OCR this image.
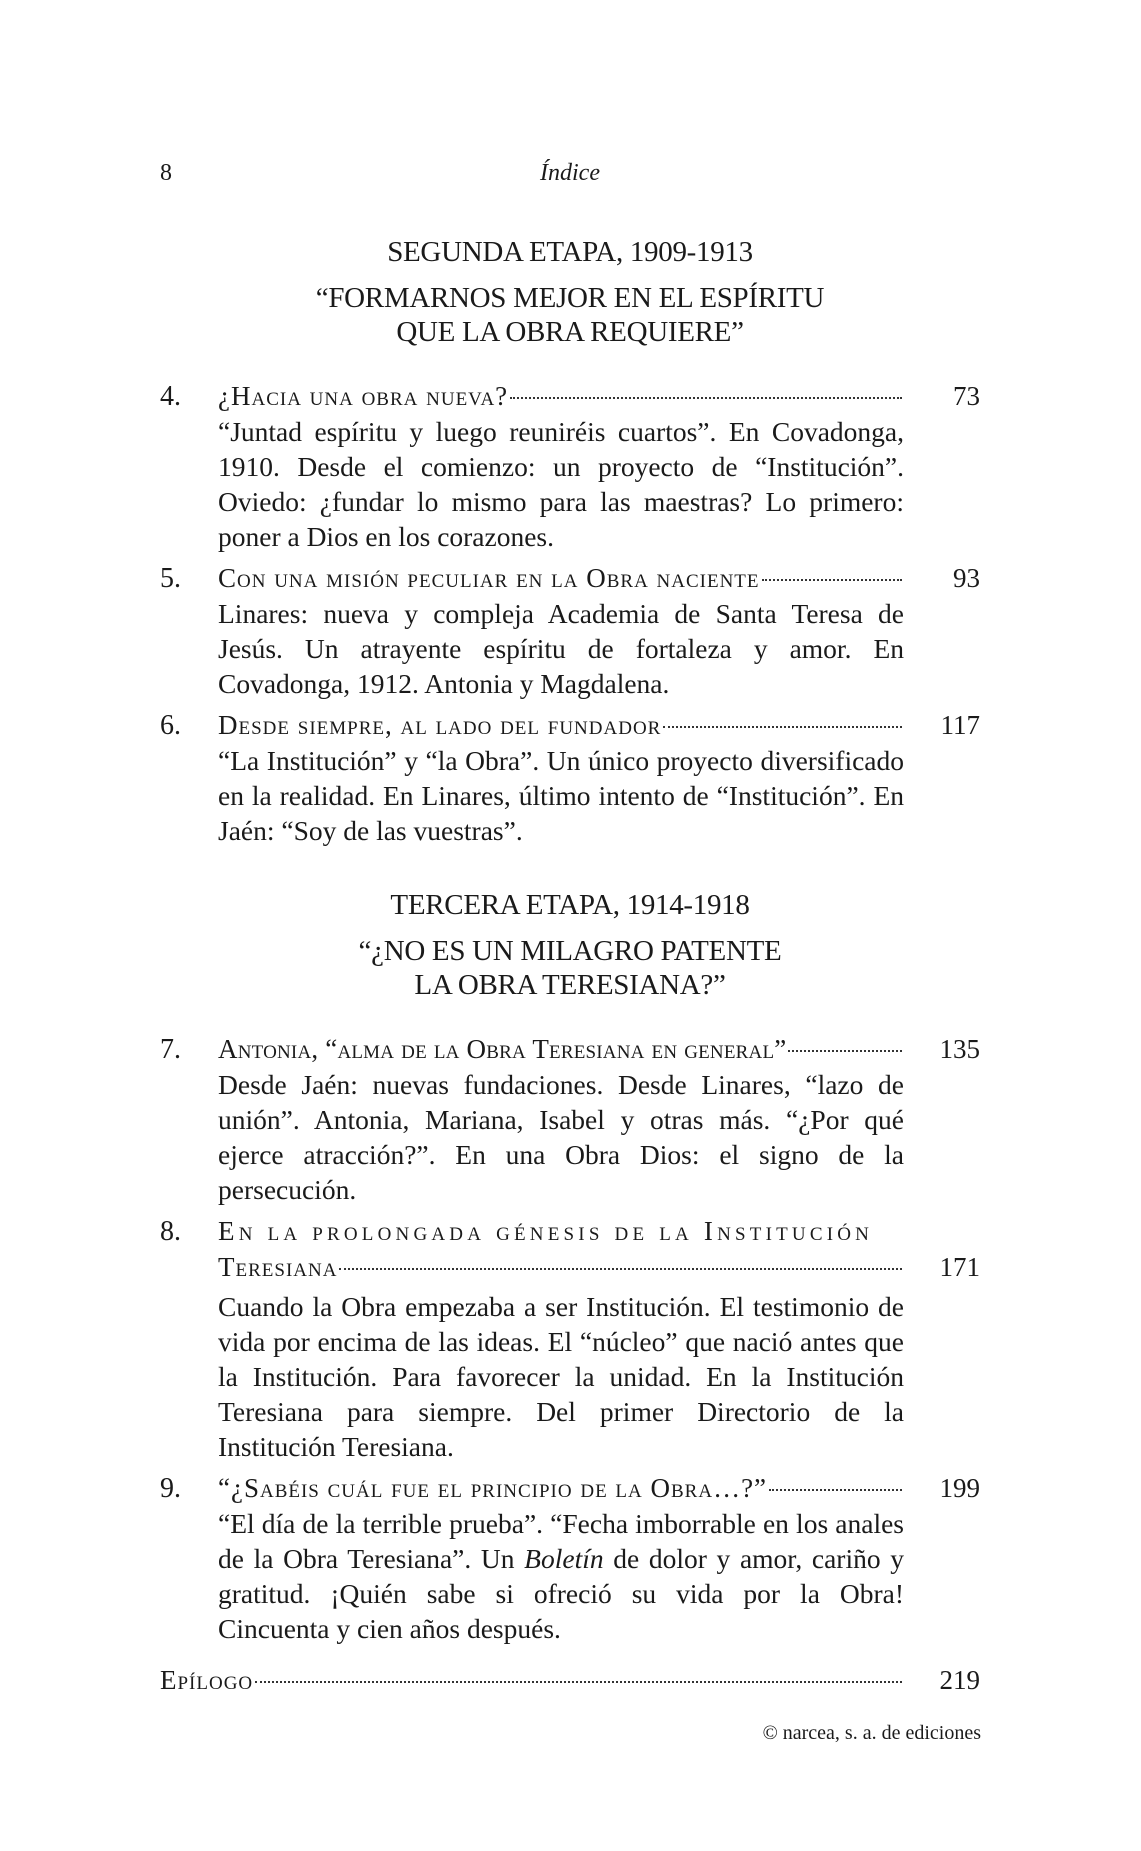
8	Índice
SEGUNDA ETAPA, 1909-1913
“FORMARNOS MEJOR EN EL ESPÍRITU
QUE LA OBRA REQUIERE”
4.	¿Hacia una obra nueva?	73
“Juntad espíritu y luego reuniréis cuartos”. En Covadonga, 1910. Desde el comienzo: un proyecto de “Institución”. Oviedo: ¿fundar lo mismo para las maestras? Lo primero: poner a Dios en los corazones.
5.	Con una misión peculiar en la Obra naciente	93
Linares: nueva y compleja Academia de Santa Teresa de Jesús. Un atrayente espíritu de fortaleza y amor. En Covadonga, 1912. Antonia y Magdalena.
6.	Desde siempre, al lado del fundador	117
“La Institución” y “la Obra”. Un único proyecto diversificado en la realidad. En Linares, último intento de “Institución”. En Jaén: “Soy de las vuestras”.
TERCERA ETAPA, 1914-1918
“¿NO ES UN MILAGRO PATENTE
LA OBRA TERESIANA?”
7.	Antonia, “alma de la Obra Teresiana en general”	135
Desde Jaén: nuevas fundaciones. Desde Linares, “lazo de unión”. Antonia, Mariana, Isabel y otras más. “¿Por qué ejerce atracción?”. En una Obra Dios: el signo de la persecución.
8.	En la prolongada génesis de la Institución
Teresiana	171
Cuando la Obra empezaba a ser Institución. El testimonio de vida por encima de las ideas. El “núcleo” que nació antes que la Institución. Para favorecer la unidad. En la Institución Teresiana para siempre. Del primer Directorio de la Institución Teresiana.
9.	“¿Sabéis cuál fue el principio de la Obra…?”	199
“El día de la terrible prueba”. “Fecha imborrable en los anales de la Obra Teresiana”. Un Boletín de dolor y amor, cariño y gratitud. ¡Quién sabe si ofreció su vida por la Obra! Cincuenta y cien años después.
Epílogo	219
© narcea, s. a. de ediciones
